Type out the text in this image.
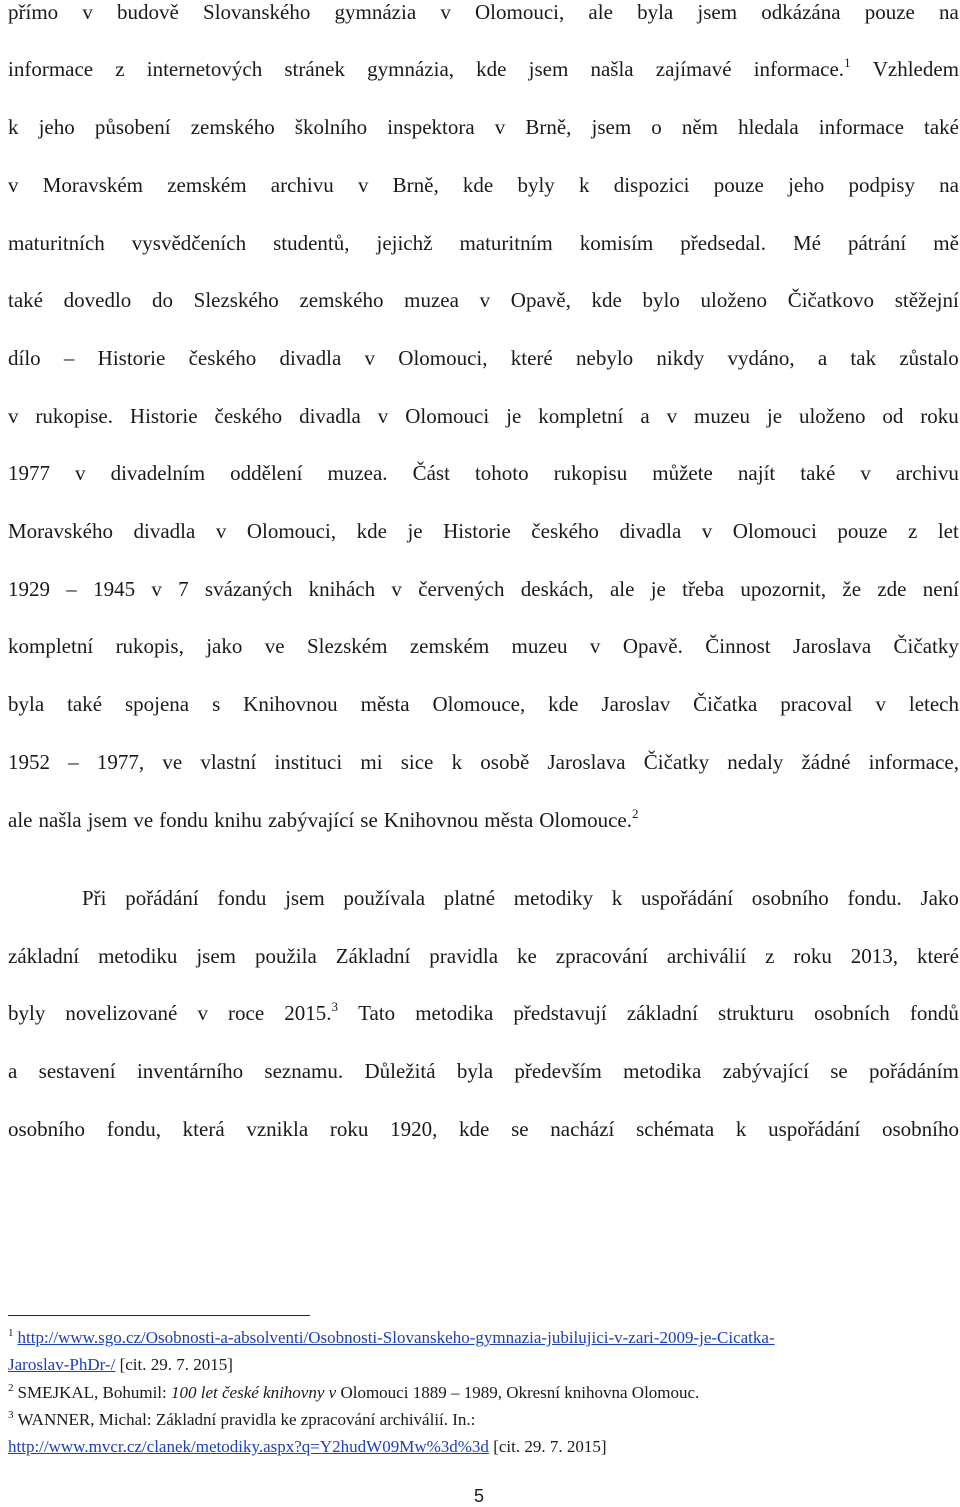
přímo v budově Slovanského gymnázia v Olomouci, ale byla jsem odkázána pouze na
informace z internetových stránek gymnázia, kde jsem našla zajímavé informace.$^1$ Vzhledem
k jeho působení zemského školního inspektora v Brně, jsem o něm hledala informace také
v Moravském zemském archivu v Brně, kde byly k dispozici pouze jeho podpisy na
maturitních vysvědčeních studentů, jejichž maturitním komisím předsedal. Mé pátrání mě
také dovedlo do Slezského zemského muzea v Opavě, kde bylo uloženo Čičatkovo stěžejní
dílo – Historie českého divadla v Olomouci, které nebylo nikdy vydáno, a tak zůstalo
v rukopise. Historie českého divadla v Olomouci je kompletní a v muzeu je uloženo od roku
1977 v divadelním oddělení muzea. Část tohoto rukopisu můžete najít také v archivu
Moravského divadla v Olomouci, kde je Historie českého divadla v Olomouci pouze z let
1929 – 1945 v 7 svázaných knihách v červených deskách, ale je třeba upozornit, že zde není
kompletní rukopis, jako ve Slezském zemském muzeu v Opavě. Činnost Jaroslava Čičatky
byla také spojena s Knihovnou města Olomouce, kde Jaroslav Čičatka pracoval v letech
1952 – 1977, ve vlastní instituci mi sice k osobě Jaroslava Čičatky nedaly žádné informace,
ale našla jsem ve fondu knihu zabývající se Knihovnou města Olomouce.$^2$
Při pořádání fondu jsem používala platné metodiky k uspořádání osobního fondu. Jako
základní metodiku jsem použila Základní pravidla ke zpracování archiválií z roku 2013, které
byly novelizované v roce 2015.$^3$ Tato metodika představují základní strukturu osobních fondů
a sestavení inventárního seznamu. Důležitá byla především metodika zabývající se pořádáním
osobního fondu, která vznikla roku 1920, kde se nachází schémata k uspořádání osobního
$^1$ http://www.sgo.cz/Osobnosti-a-absolventi/Osobnosti-Slovanskeho-gymnazia-jubilujici-v-zari-2009-je-Cicatka-
Jaroslav-PhDr-/ [cit. 29. 7. 2015]
$^2$ SMEJKAL, Bohumil: 100 let české knihovny v Olomouci 1889 – 1989, Okresní knihovna Olomouc.
$^3$ WANNER, Michal: Základní pravidla ke zpracování archiválií. In.:
http://www.mvcr.cz/clanek/metodiky.aspx?q=Y2hudW09Mw%3d%3d [cit. 29. 7. 2015]
5
